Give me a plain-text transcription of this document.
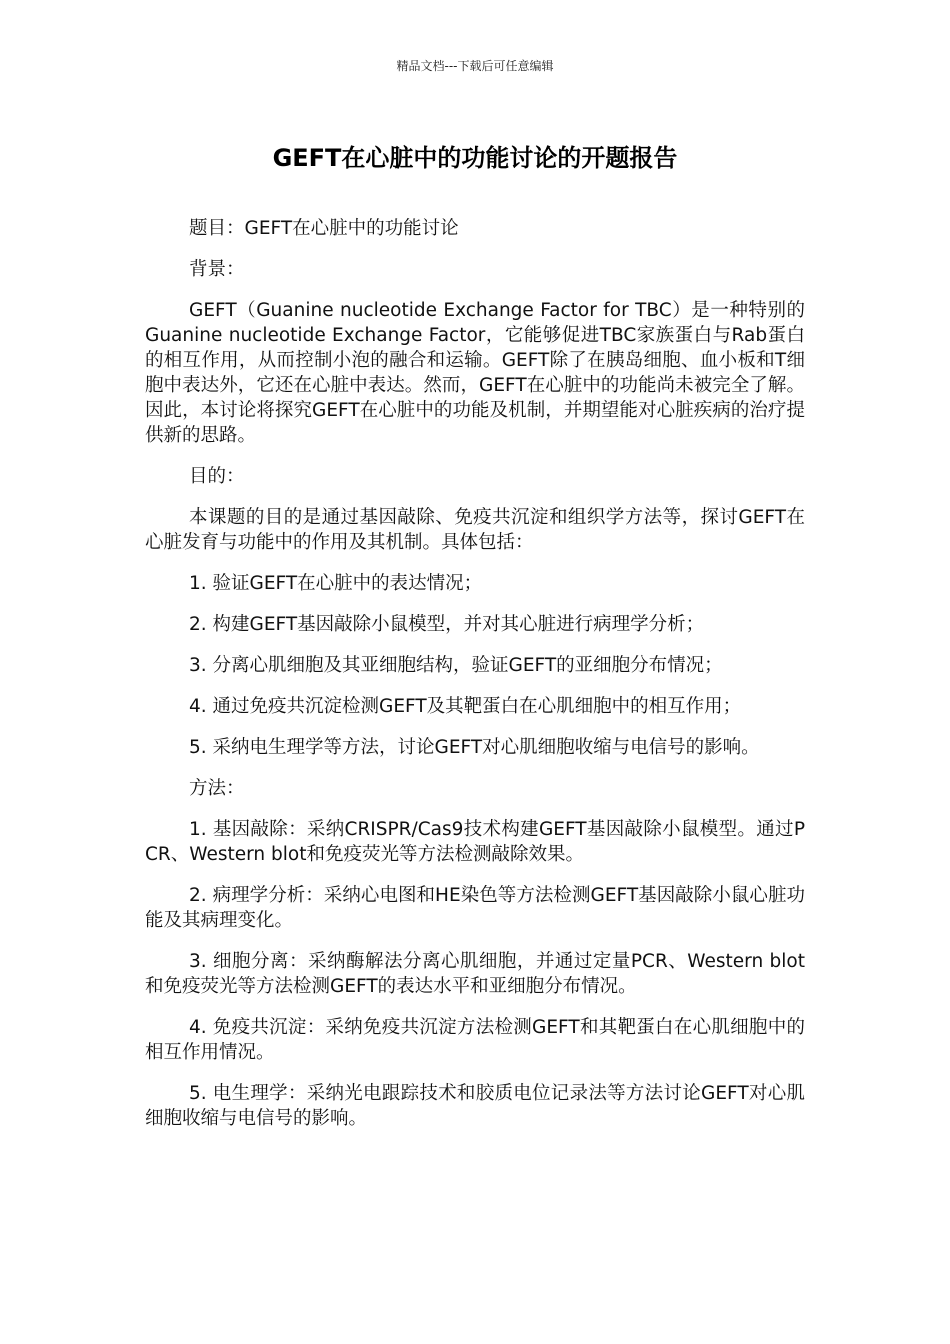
精品文档---下载后可任意编辑
GEFT在心脏中的功能讨论的开题报告

题目：GEFT在心脏中的功能讨论

背景：

GEFT（Guanine nucleotide Exchange Factor for TBC）是一种特别的Guanine nucleotide Exchange Factor，它能够促进TBC家族蛋白与Rab蛋白的相互作用，从而控制小泡的融合和运输。GEFT除了在胰岛细胞、血小板和T细胞中表达外，它还在心脏中表达。然而，GEFT在心脏中的功能尚未被完全了解。因此，本讨论将探究GEFT在心脏中的功能及机制，并期望能对心脏疾病的治疗提供新的思路。

目的：

本课题的目的是通过基因敲除、免疫共沉淀和组织学方法等，探讨GEFT在心脏发育与功能中的作用及其机制。具体包括：

1. 验证GEFT在心脏中的表达情况；

2. 构建GEFT基因敲除小鼠模型，并对其心脏进行病理学分析；

3. 分离心肌细胞及其亚细胞结构，验证GEFT的亚细胞分布情况；

4. 通过免疫共沉淀检测GEFT及其靶蛋白在心肌细胞中的相互作用；

5. 采纳电生理学等方法，讨论GEFT对心肌细胞收缩与电信号的影响。

方法：

1. 基因敲除：采纳CRISPR/Cas9技术构建GEFT基因敲除小鼠模型。通过PCR、Western blot和免疫荧光等方法检测敲除效果。

2. 病理学分析：采纳心电图和HE染色等方法检测GEFT基因敲除小鼠心脏功能及其病理变化。

3. 细胞分离：采纳酶解法分离心肌细胞，并通过定量PCR、Western blot和免疫荧光等方法检测GEFT的表达水平和亚细胞分布情况。

4. 免疫共沉淀：采纳免疫共沉淀方法检测GEFT和其靶蛋白在心肌细胞中的相互作用情况。

5. 电生理学：采纳光电跟踪技术和胶质电位记录法等方法讨论GEFT对心肌细胞收缩与电信号的影响。
